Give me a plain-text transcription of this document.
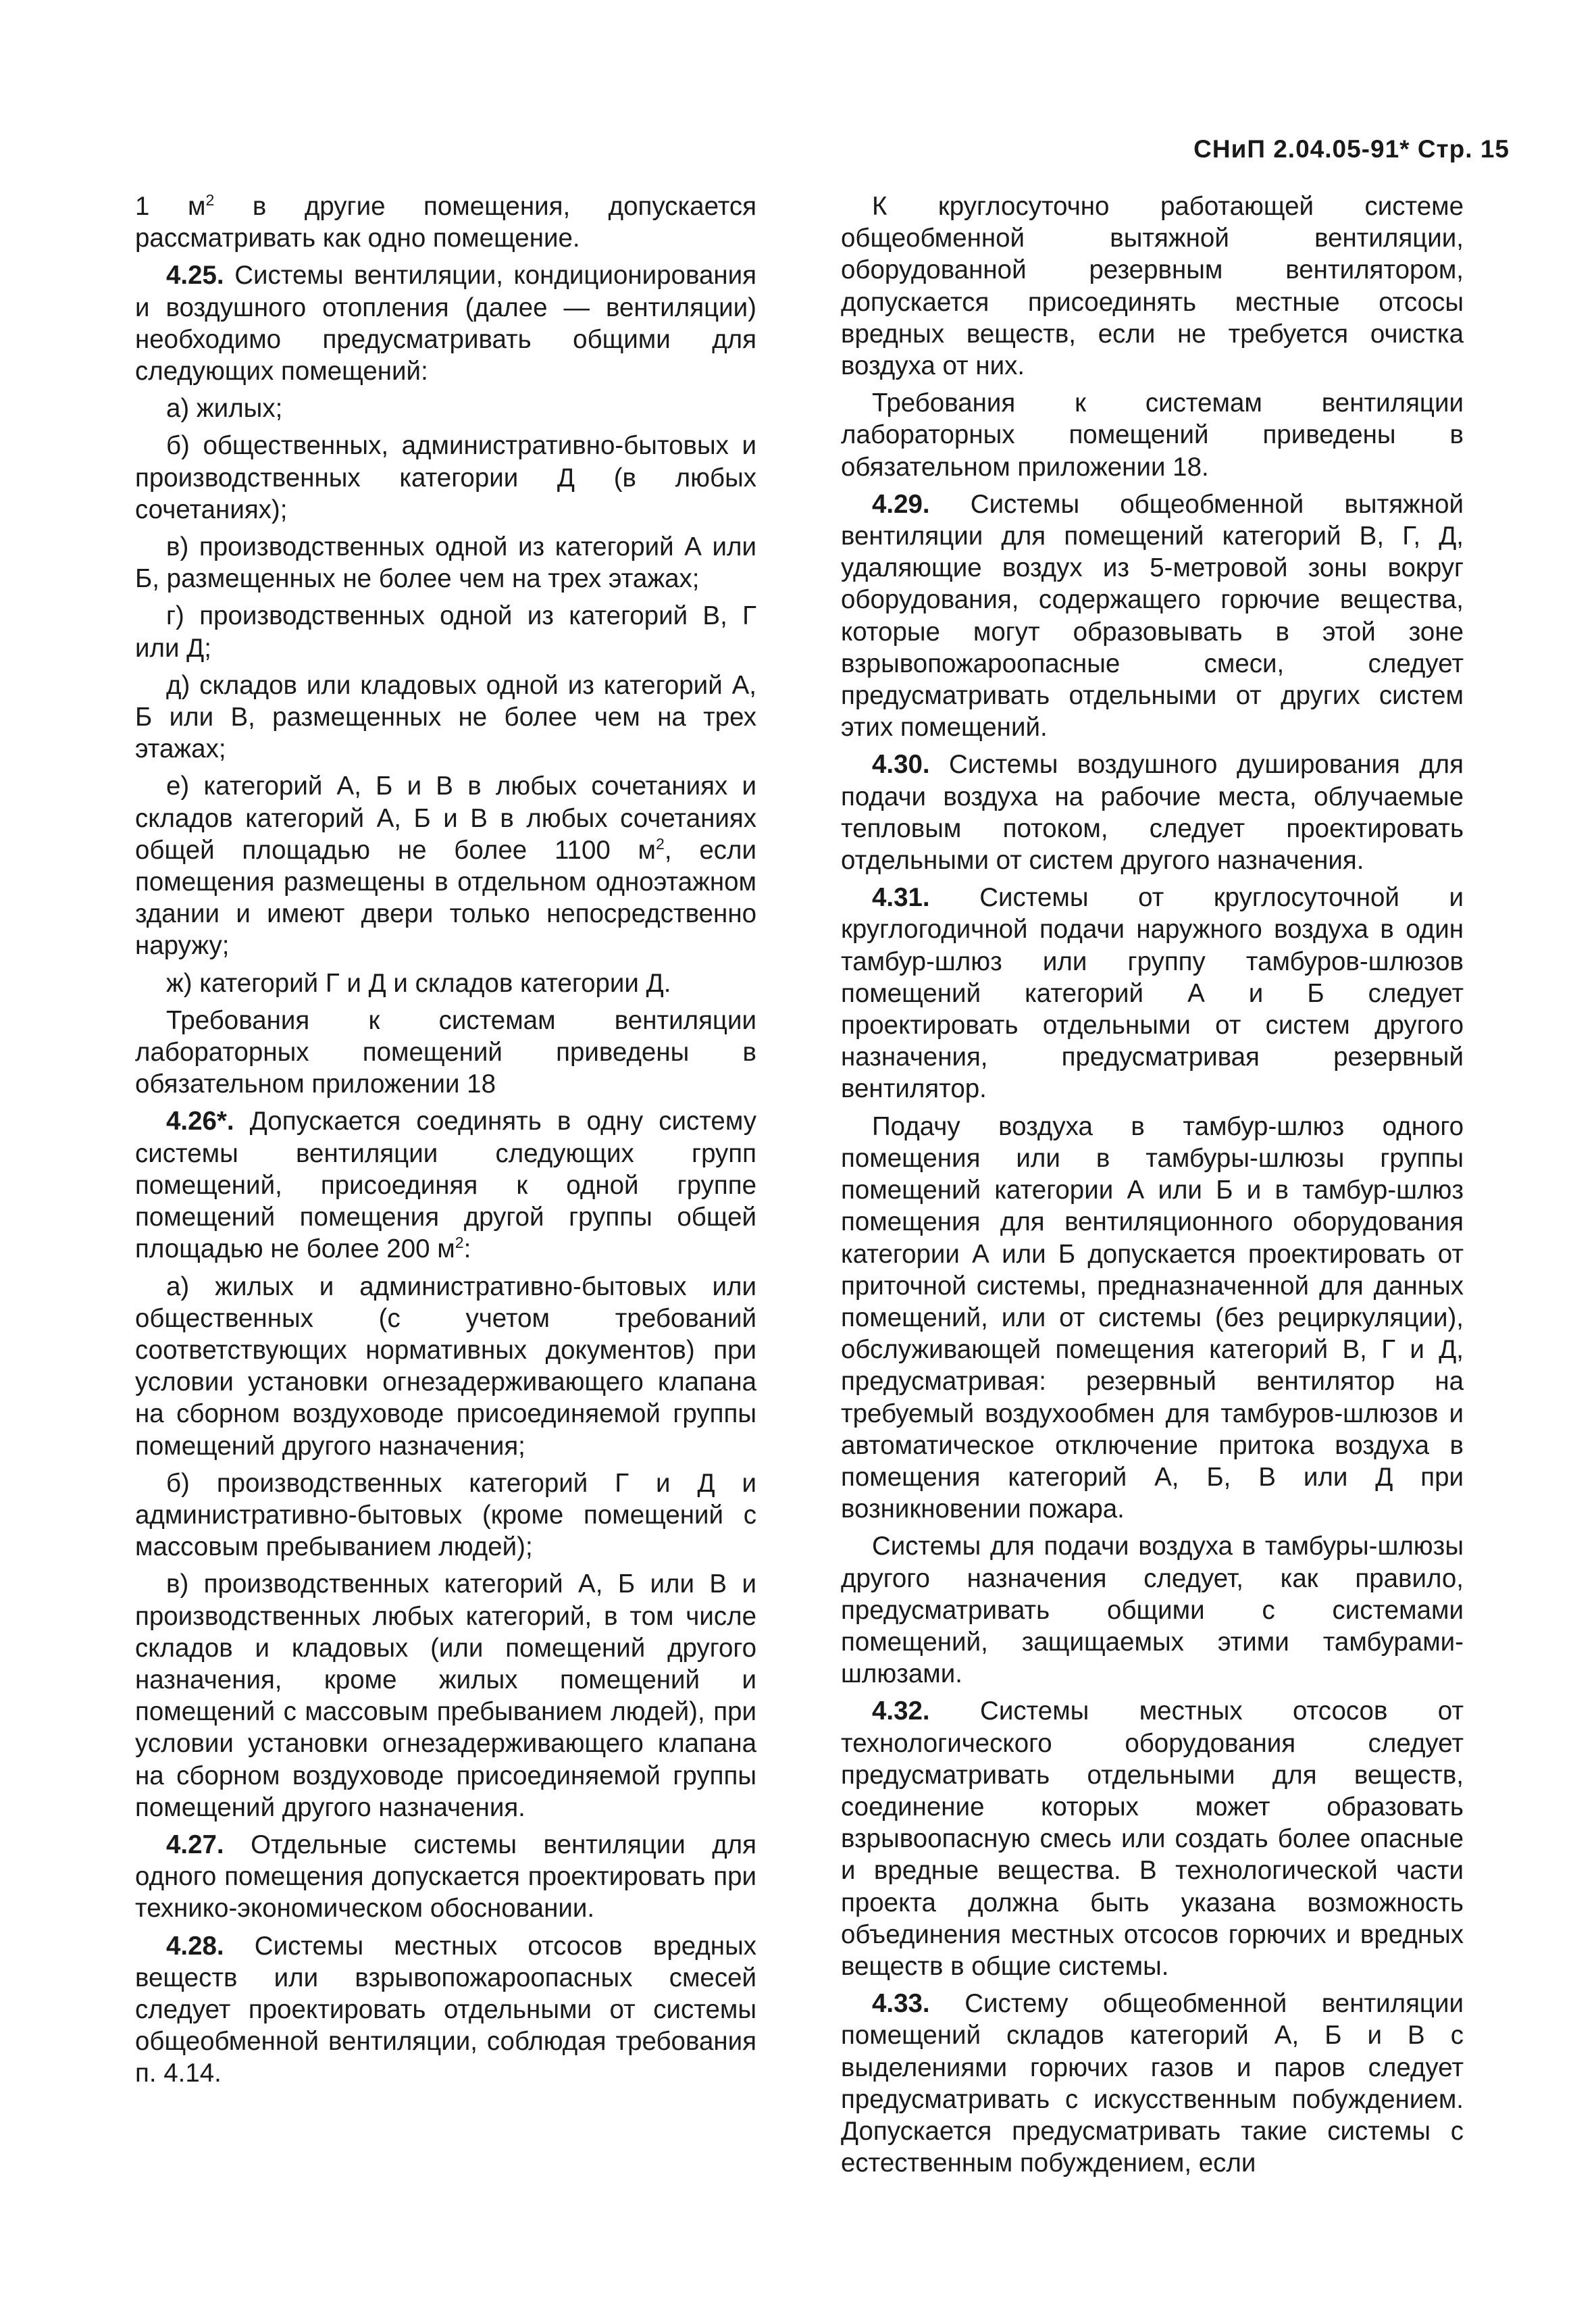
СНиП 2.04.05-91* Стр. 15

1 $м^2$ в другие помещения, допускается рассматривать как одно помещение.

4.25. Системы вентиляции, кондиционирования и воздушного отопления (далее — вентиляции) необходимо предусматривать общими для следующих помещений:

а) жилых;

б) общественных, административно-бытовых и производственных категории Д (в любых сочетаниях);

в) производственных одной из категорий А или Б, размещенных не более чем на трех этажах;

г) производственных одной из категорий В, Г или Д;

д) складов или кладовых одной из категорий А, Б или В, размещенных не более чем на трех этажах;

е) категорий А, Б и В в любых сочетаниях и складов категорий А, Б и В в любых сочетаниях общей площадью не более 1100 $м^2$, если помещения размещены в отдельном одноэтажном здании и имеют двери только непосредственно наружу;

ж) категорий Г и Д и складов категории Д.

Требования к системам вентиляции лабораторных помещений приведены в обязательном приложении 18

4.26*. Допускается соединять в одну систему системы вентиляции следующих групп помещений, присоединяя к одной группе помещений помещения другой группы общей площадью не более 200 $м^2$:

а) жилых и административно-бытовых или общественных (с учетом требований соответствующих нормативных документов) при условии установки огнезадерживающего клапана на сборном воздуховоде присоединяемой группы помещений другого назначения;

б) производственных категорий Г и Д и административно-бытовых (кроме помещений с массовым пребыванием людей);

в) производственных категорий А, Б или В и производственных любых категорий, в том числе складов и кладовых (или помещений другого назначения, кроме жилых помещений и помещений с массовым пребыванием людей), при условии установки огнезадерживающего клапана на сборном воздуховоде присоединяемой группы помещений другого назначения.

4.27. Отдельные системы вентиляции для одного помещения допускается проектировать при технико-экономическом обосновании.

4.28. Системы местных отсосов вредных веществ или взрывопожароопасных смесей следует проектировать отдельными от системы общеобменной вентиляции, соблюдая требования п. 4.14.

К круглосуточно работающей системе общеобменной вытяжной вентиляции, оборудованной резервным вентилятором, допускается присоединять местные отсосы вредных веществ, если не требуется очистка воздуха от них.

Требования к системам вентиляции лабораторных помещений приведены в обязательном приложении 18.

4.29. Системы общеобменной вытяжной вентиляции для помещений категорий В, Г, Д, удаляющие воздух из 5-метровой зоны вокруг оборудования, содержащего горючие вещества, которые могут образовывать в этой зоне взрывопожароопасные смеси, следует предусматривать отдельными от других систем этих помещений.

4.30. Системы воздушного душирования для подачи воздуха на рабочие места, облучаемые тепловым потоком, следует проектировать отдельными от систем другого назначения.

4.31. Системы от круглосуточной и круглогодичной подачи наружного воздуха в один тамбур-шлюз или группу тамбуров-шлюзов помещений категорий А и Б следует проектировать отдельными от систем другого назначения, предусматривая резервный вентилятор.

Подачу воздуха в тамбур-шлюз одного помещения или в тамбуры-шлюзы группы помещений категории А или Б и в тамбур-шлюз помещения для вентиляционного оборудования категории А или Б допускается проектировать от приточной системы, предназначенной для данных помещений, или от системы (без рециркуляции), обслуживающей помещения категорий В, Г и Д, предусматривая: резервный вентилятор на требуемый воздухообмен для тамбуров-шлюзов и автоматическое отключение притока воздуха в помещения категорий А, Б, В или Д при возникновении пожара.

Системы для подачи воздуха в тамбуры-шлюзы другого назначения следует, как правило, предусматривать общими с системами помещений, защищаемых этими тамбурами-шлюзами.

4.32. Системы местных отсосов от технологического оборудования следует предусматривать отдельными для веществ, соединение которых может образовать взрывоопасную смесь или создать более опасные и вредные вещества. В технологической части проекта должна быть указана возможность объединения местных отсосов горючих и вредных веществ в общие системы.

4.33. Систему общеобменной вентиляции помещений складов категорий А, Б и В с выделениями горючих газов и паров следует предусматривать с искусственным побуждением. Допускается предусматривать такие системы с естественным побуждением, если
